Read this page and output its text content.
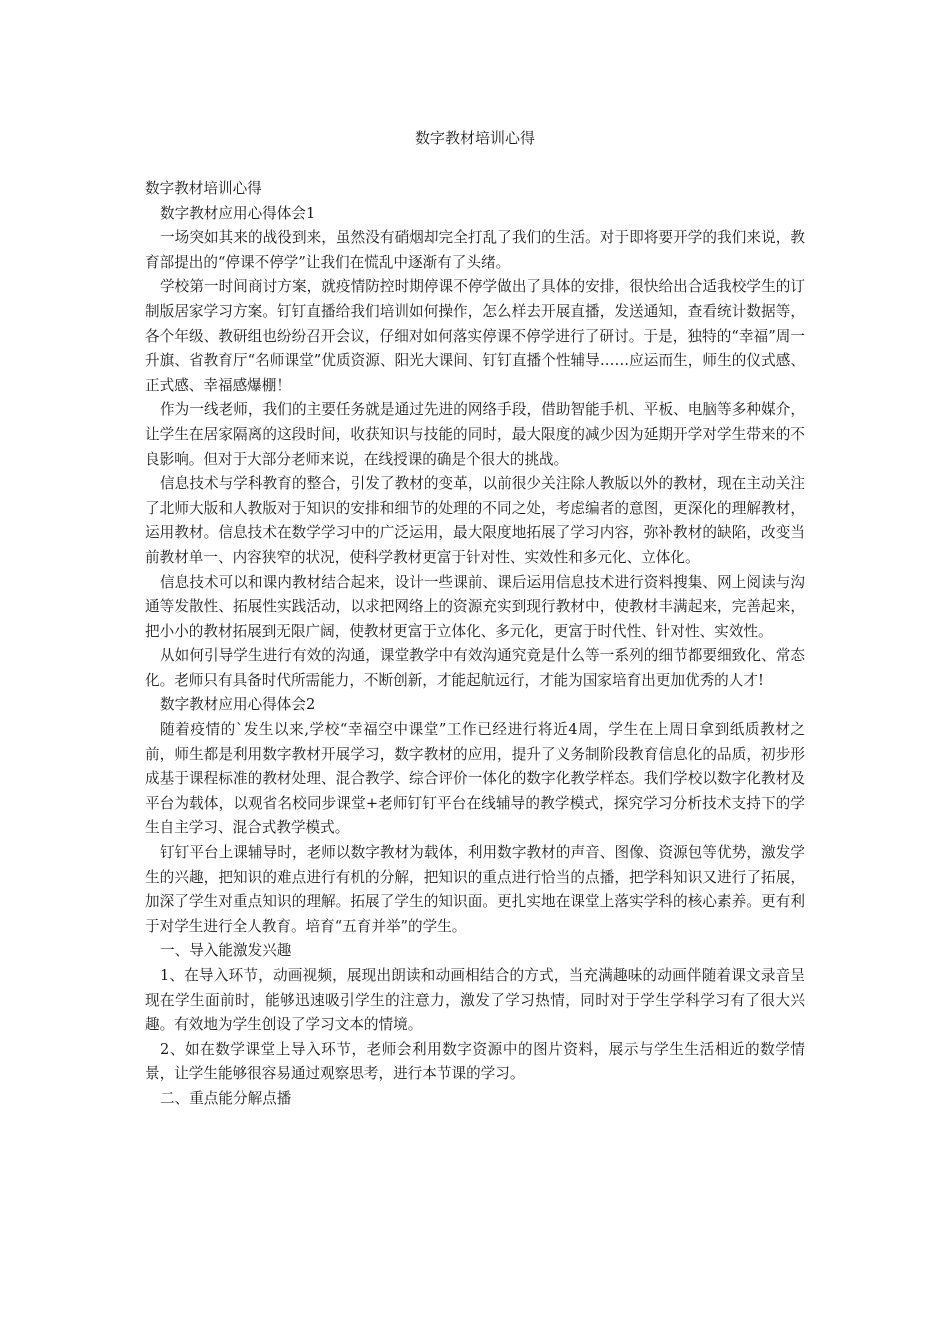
数字教材培训心得

数字教材培训心得

数字教材应用心得体会1

一场突如其来的战役到来，虽然没有硝烟却完全打乱了我们的生活。对于即将要开学的我们来说，教育部提出的“停课不停学”让我们在慌乱中逐渐有了头绪。

学校第一时间商讨方案，就疫情防控时期停课不停学做出了具体的安排，很快给出合适我校学生的订制版居家学习方案。钉钉直播给我们培训如何操作，怎么样去开展直播，发送通知，查看统计数据等，各个年级、教研组也纷纷召开会议，仔细对如何落实停课不停学进行了研讨。于是，独特的“幸福”周一升旗、省教育厅“名师课堂”优质资源、阳光大课间、钉钉直播个性辅导……应运而生，师生的仪式感、正式感、幸福感爆棚！

作为一线老师，我们的主要任务就是通过先进的网络手段，借助智能手机、平板、电脑等多种媒介，让学生在居家隔离的这段时间，收获知识与技能的同时，最大限度的减少因为延期开学对学生带来的不良影响。但对于大部分老师来说，在线授课的确是个很大的挑战。

信息技术与学科教育的整合，引发了教材的变革，以前很少关注除人教版以外的教材，现在主动关注了北师大版和人教版对于知识的安排和细节的处理的不同之处，考虑编者的意图，更深化的理解教材，运用教材。信息技术在数学学习中的广泛运用，最大限度地拓展了学习内容，弥补教材的缺陷，改变当前教材单一、内容狭窄的状况，使科学教材更富于针对性、实效性和多元化、立体化。

信息技术可以和课内教材结合起来，设计一些课前、课后运用信息技术进行资料搜集、网上阅读与沟通等发散性、拓展性实践活动，以求把网络上的资源充实到现行教材中，使教材丰满起来，完善起来，把小小的教材拓展到无限广阔，使教材更富于立体化、多元化，更富于时代性、针对性、实效性。

从如何引导学生进行有效的沟通，课堂教学中有效沟通究竟是什么等一系列的细节都要细致化、常态化。老师只有具备时代所需能力，不断创新，才能起航远行，才能为国家培育出更加优秀的人才!

数字教材应用心得体会2

随着疫情的`发生以来,学校“幸福空中课堂”工作已经进行将近4周，学生在上周日拿到纸质教材之前，师生都是利用数字教材开展学习，数字教材的应用，提升了义务制阶段教育信息化的品质，初步形成基于课程标准的教材处理、混合教学、综合评价一体化的数字化教学样态。我们学校以数字化教材及平台为载体，以观省名校同步课堂+老师钉钉平台在线辅导的教学模式，探究学习分析技术支持下的学生自主学习、混合式教学模式。

钉钉平台上课辅导时，老师以数字教材为载体，利用数字教材的声音、图像、资源包等优势，激发学生的兴趣，把知识的难点进行有机的分解，把知识的重点进行恰当的点播，把学科知识又进行了拓展，加深了学生对重点知识的理解。拓展了学生的知识面。更扎实地在课堂上落实学科的核心素养。更有利于对学生进行全人教育。培育“五育并举”的学生。

一、导入能激发兴趣

1、在导入环节，动画视频，展现出朗读和动画相结合的方式，当充满趣味的动画伴随着课文录音呈现在学生面前时，能够迅速吸引学生的注意力，激发了学习热情，同时对于学生学科学习有了很大兴趣。有效地为学生创设了学习文本的情境。

2、如在数学课堂上导入环节，老师会利用数字资源中的图片资料，展示与学生生活相近的数学情景，让学生能够很容易通过观察思考，进行本节课的学习。

二、重点能分解点播
